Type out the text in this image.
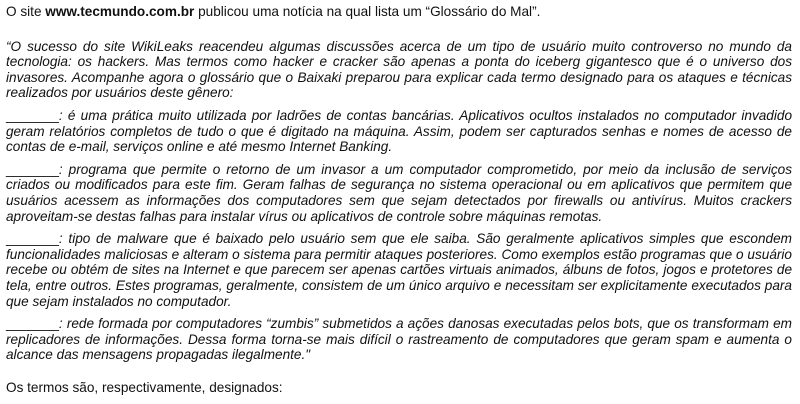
O site www.tecmundo.com.br publicou uma notícia na qual lista um “Glossário do Mal”.

“O sucesso do site WikiLeaks reacendeu algumas discussões acerca de um tipo de usuário muito controverso no mundo da tecnologia: os hackers. Mas termos como hacker e cracker são apenas a ponta do iceberg gigantesco que é o universo dos invasores. Acompanhe agora o glossário que o Baixaki preparou para explicar cada termo designado para os ataques e técnicas realizados por usuários deste gênero:

_______: é uma prática muito utilizada por ladrões de contas bancárias. Aplicativos ocultos instalados no computador invadido geram relatórios completos de tudo o que é digitado na máquina. Assim, podem ser capturados senhas e nomes de acesso de contas de e-mail, serviços online e até mesmo Internet Banking.

_______: programa que permite o retorno de um invasor a um computador comprometido, por meio da inclusão de serviços criados ou modificados para este fim. Geram falhas de segurança no sistema operacional ou em aplicativos que permitem que usuários acessem as informações dos computadores sem que sejam detectados por firewalls ou antivírus. Muitos crackers aproveitam-se destas falhas para instalar vírus ou aplicativos de controle sobre máquinas remotas.

_______: tipo de malware que é baixado pelo usuário sem que ele saiba. São geralmente aplicativos simples que escondem funcionalidades maliciosas e alteram o sistema para permitir ataques posteriores. Como exemplos estão programas que o usuário recebe ou obtém de sites na Internet e que parecem ser apenas cartões virtuais animados, álbuns de fotos, jogos e protetores de tela, entre outros. Estes programas, geralmente, consistem de um único arquivo e necessitam ser explicitamente executados para que sejam instalados no computador.

_______: rede formada por computadores “zumbis” submetidos a ações danosas executadas pelos bots, que os transformam em replicadores de informações. Dessa forma torna-se mais difícil o rastreamento de computadores que geram spam e aumenta o alcance das mensagens propagadas ilegalmente."

Os termos são, respectivamente, designados:
